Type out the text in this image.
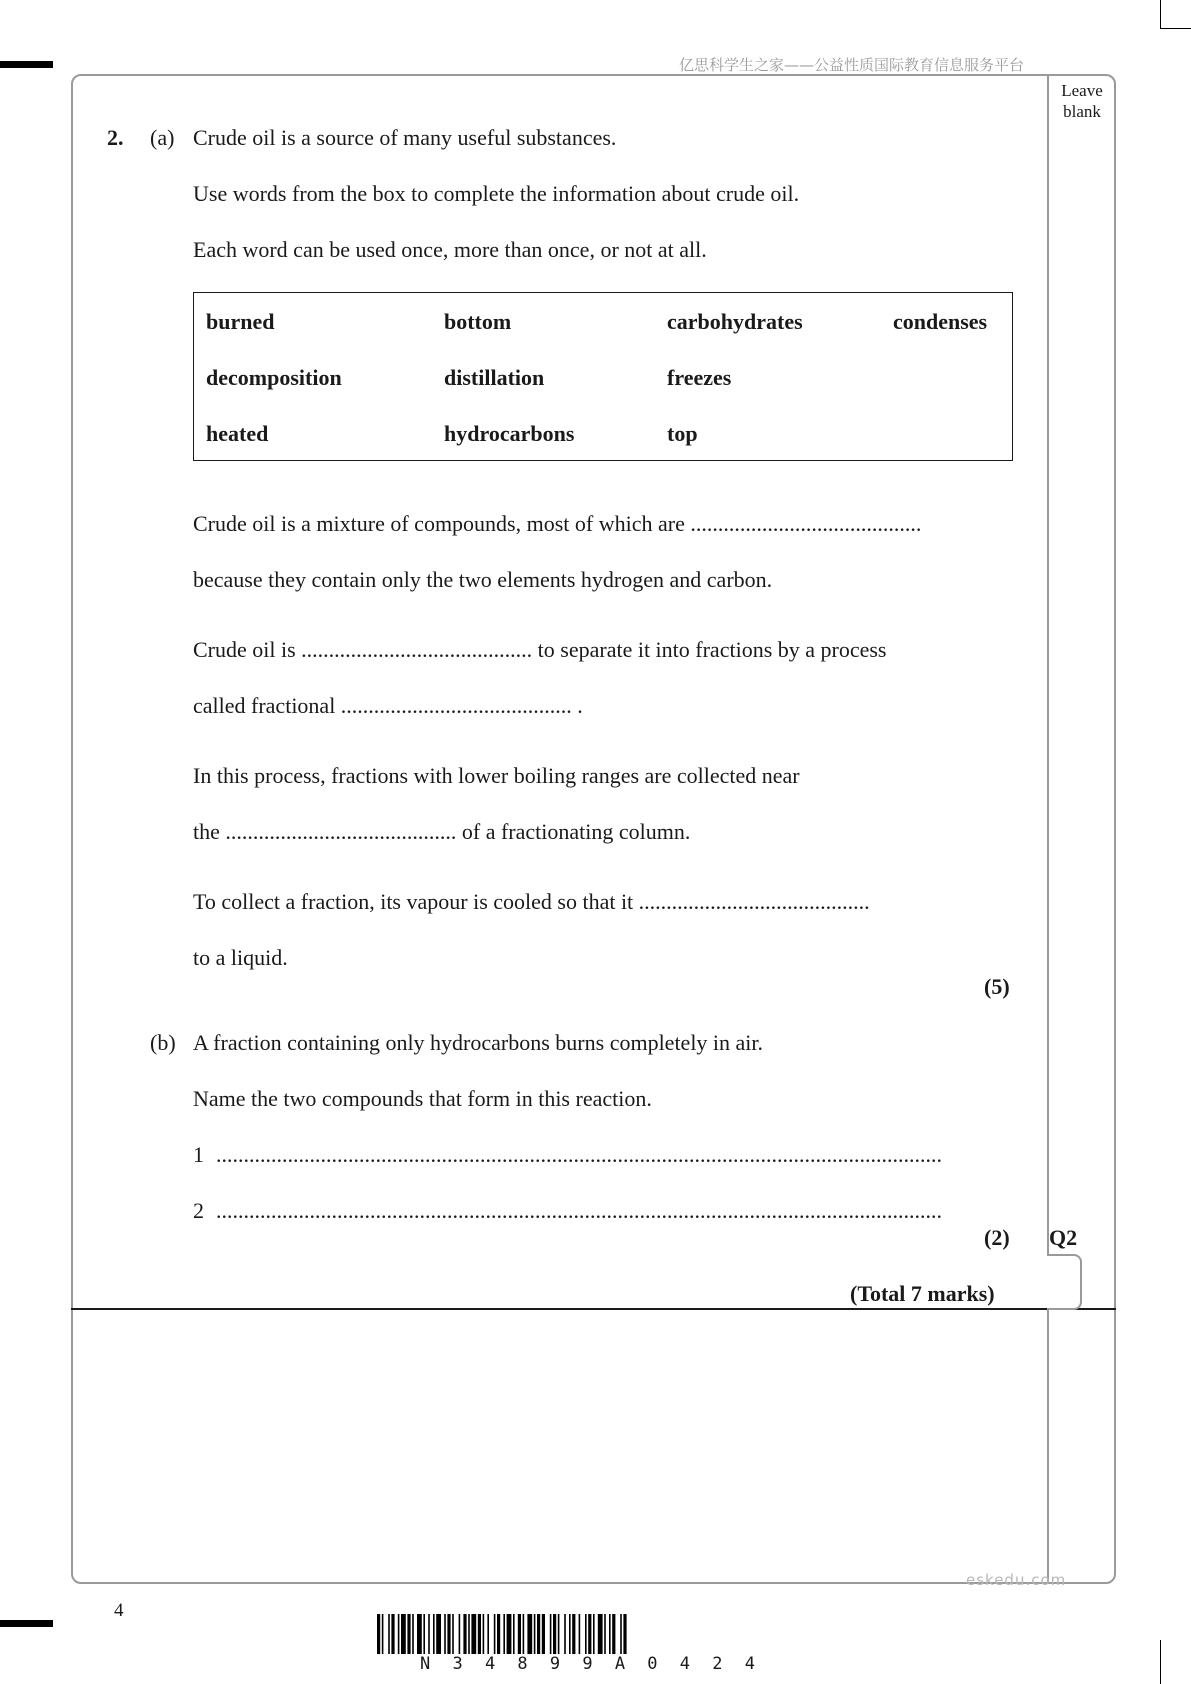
亿思科学生之家——公益性质国际教育信息服务平台
Leave
blank
2. (a) Crude oil is a source of many useful substances.
Use words from the box to complete the information about crude oil.
Each word can be used once, more than once, or not at all.
burned	bottom	carbohydrates	condenses
decomposition	distillation	freezes
heated	hydrocarbons	top
Crude oil is a mixture of compounds, most of which are ..........................................
because they contain only the two elements hydrogen and carbon.
Crude oil is .......................................... to separate it into fractions by a process
called fractional .......................................... .
In this process, fractions with lower boiling ranges are collected near
the .......................................... of a fractionating column.
To collect a fraction, its vapour is cooled so that it ..........................................
to a liquid.
(5)
(b) A fraction containing only hydrocarbons burns completely in air.
Name the two compounds that form in this reaction.
1 ....................................................................................................................................
2 ....................................................................................................................................
(2) Q2
(Total 7 marks)
eskedu.com
4
N 3 4 8 9 9 A 0 4 2 4
